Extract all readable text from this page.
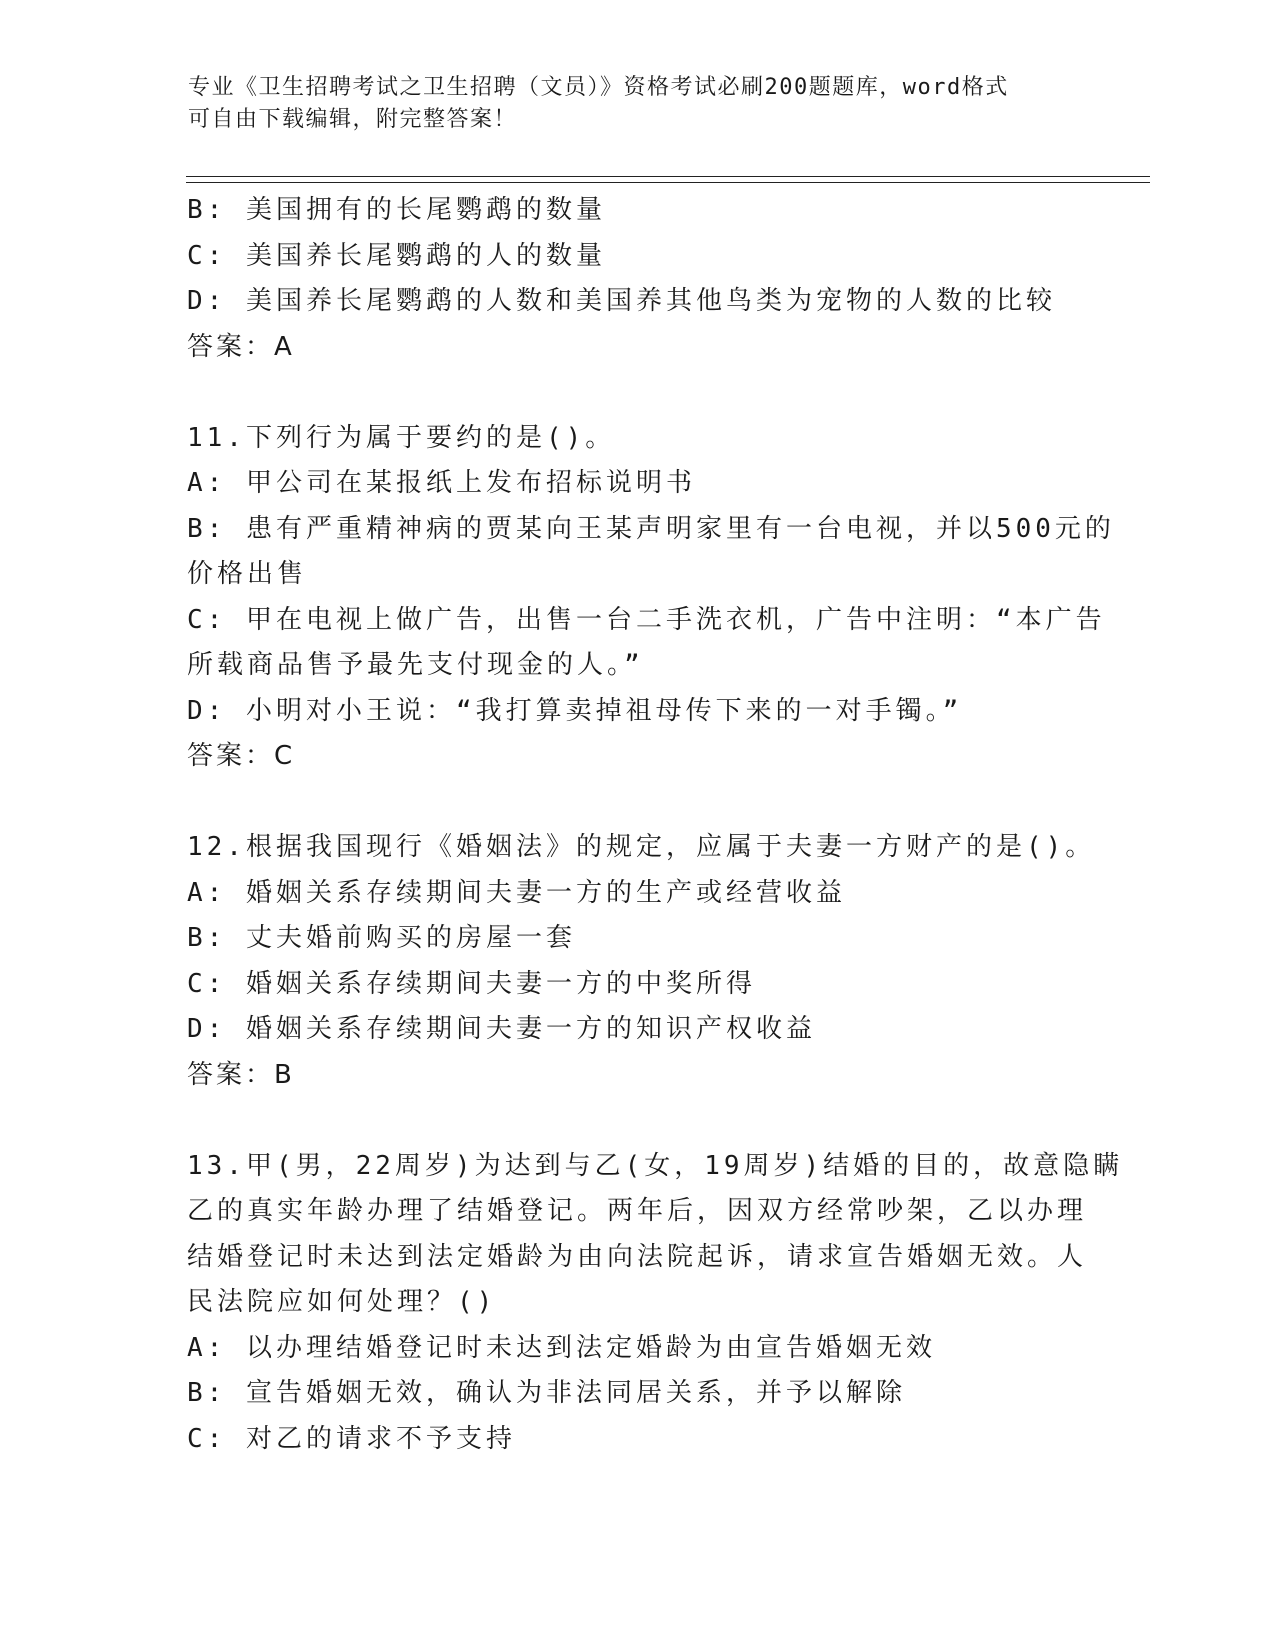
专业《卫生招聘考试之卫生招聘（文员）》资格考试必刷200题题库，word格式

可自由下载编辑，附完整答案！

B: 美国拥有的长尾鹦鹉的数量

C: 美国养长尾鹦鹉的人的数量

D: 美国养长尾鹦鹉的人数和美国养其他鸟类为宠物的人数的比较

答案：A

11.下列行为属于要约的是()。

A: 甲公司在某报纸上发布招标说明书

B: 患有严重精神病的贾某向王某声明家里有一台电视，并以500元的

价格出售

C: 甲在电视上做广告，出售一台二手洗衣机，广告中注明：“本广告

所载商品售予最先支付现金的人。”

D: 小明对小王说：“我打算卖掉祖母传下来的一对手镯。”

答案：C

12.根据我国现行《婚姻法》的规定，应属于夫妻一方财产的是()。

A: 婚姻关系存续期间夫妻一方的生产或经营收益

B: 丈夫婚前购买的房屋一套

C: 婚姻关系存续期间夫妻一方的中奖所得

D: 婚姻关系存续期间夫妻一方的知识产权收益

答案：B

13.甲(男，22周岁)为达到与乙(女，19周岁)结婚的目的，故意隐瞒

乙的真实年龄办理了结婚登记。两年后，因双方经常吵架，乙以办理

结婚登记时未达到法定婚龄为由向法院起诉，请求宣告婚姻无效。人

民法院应如何处理？()

A: 以办理结婚登记时未达到法定婚龄为由宣告婚姻无效

B: 宣告婚姻无效，确认为非法同居关系，并予以解除

C: 对乙的请求不予支持
